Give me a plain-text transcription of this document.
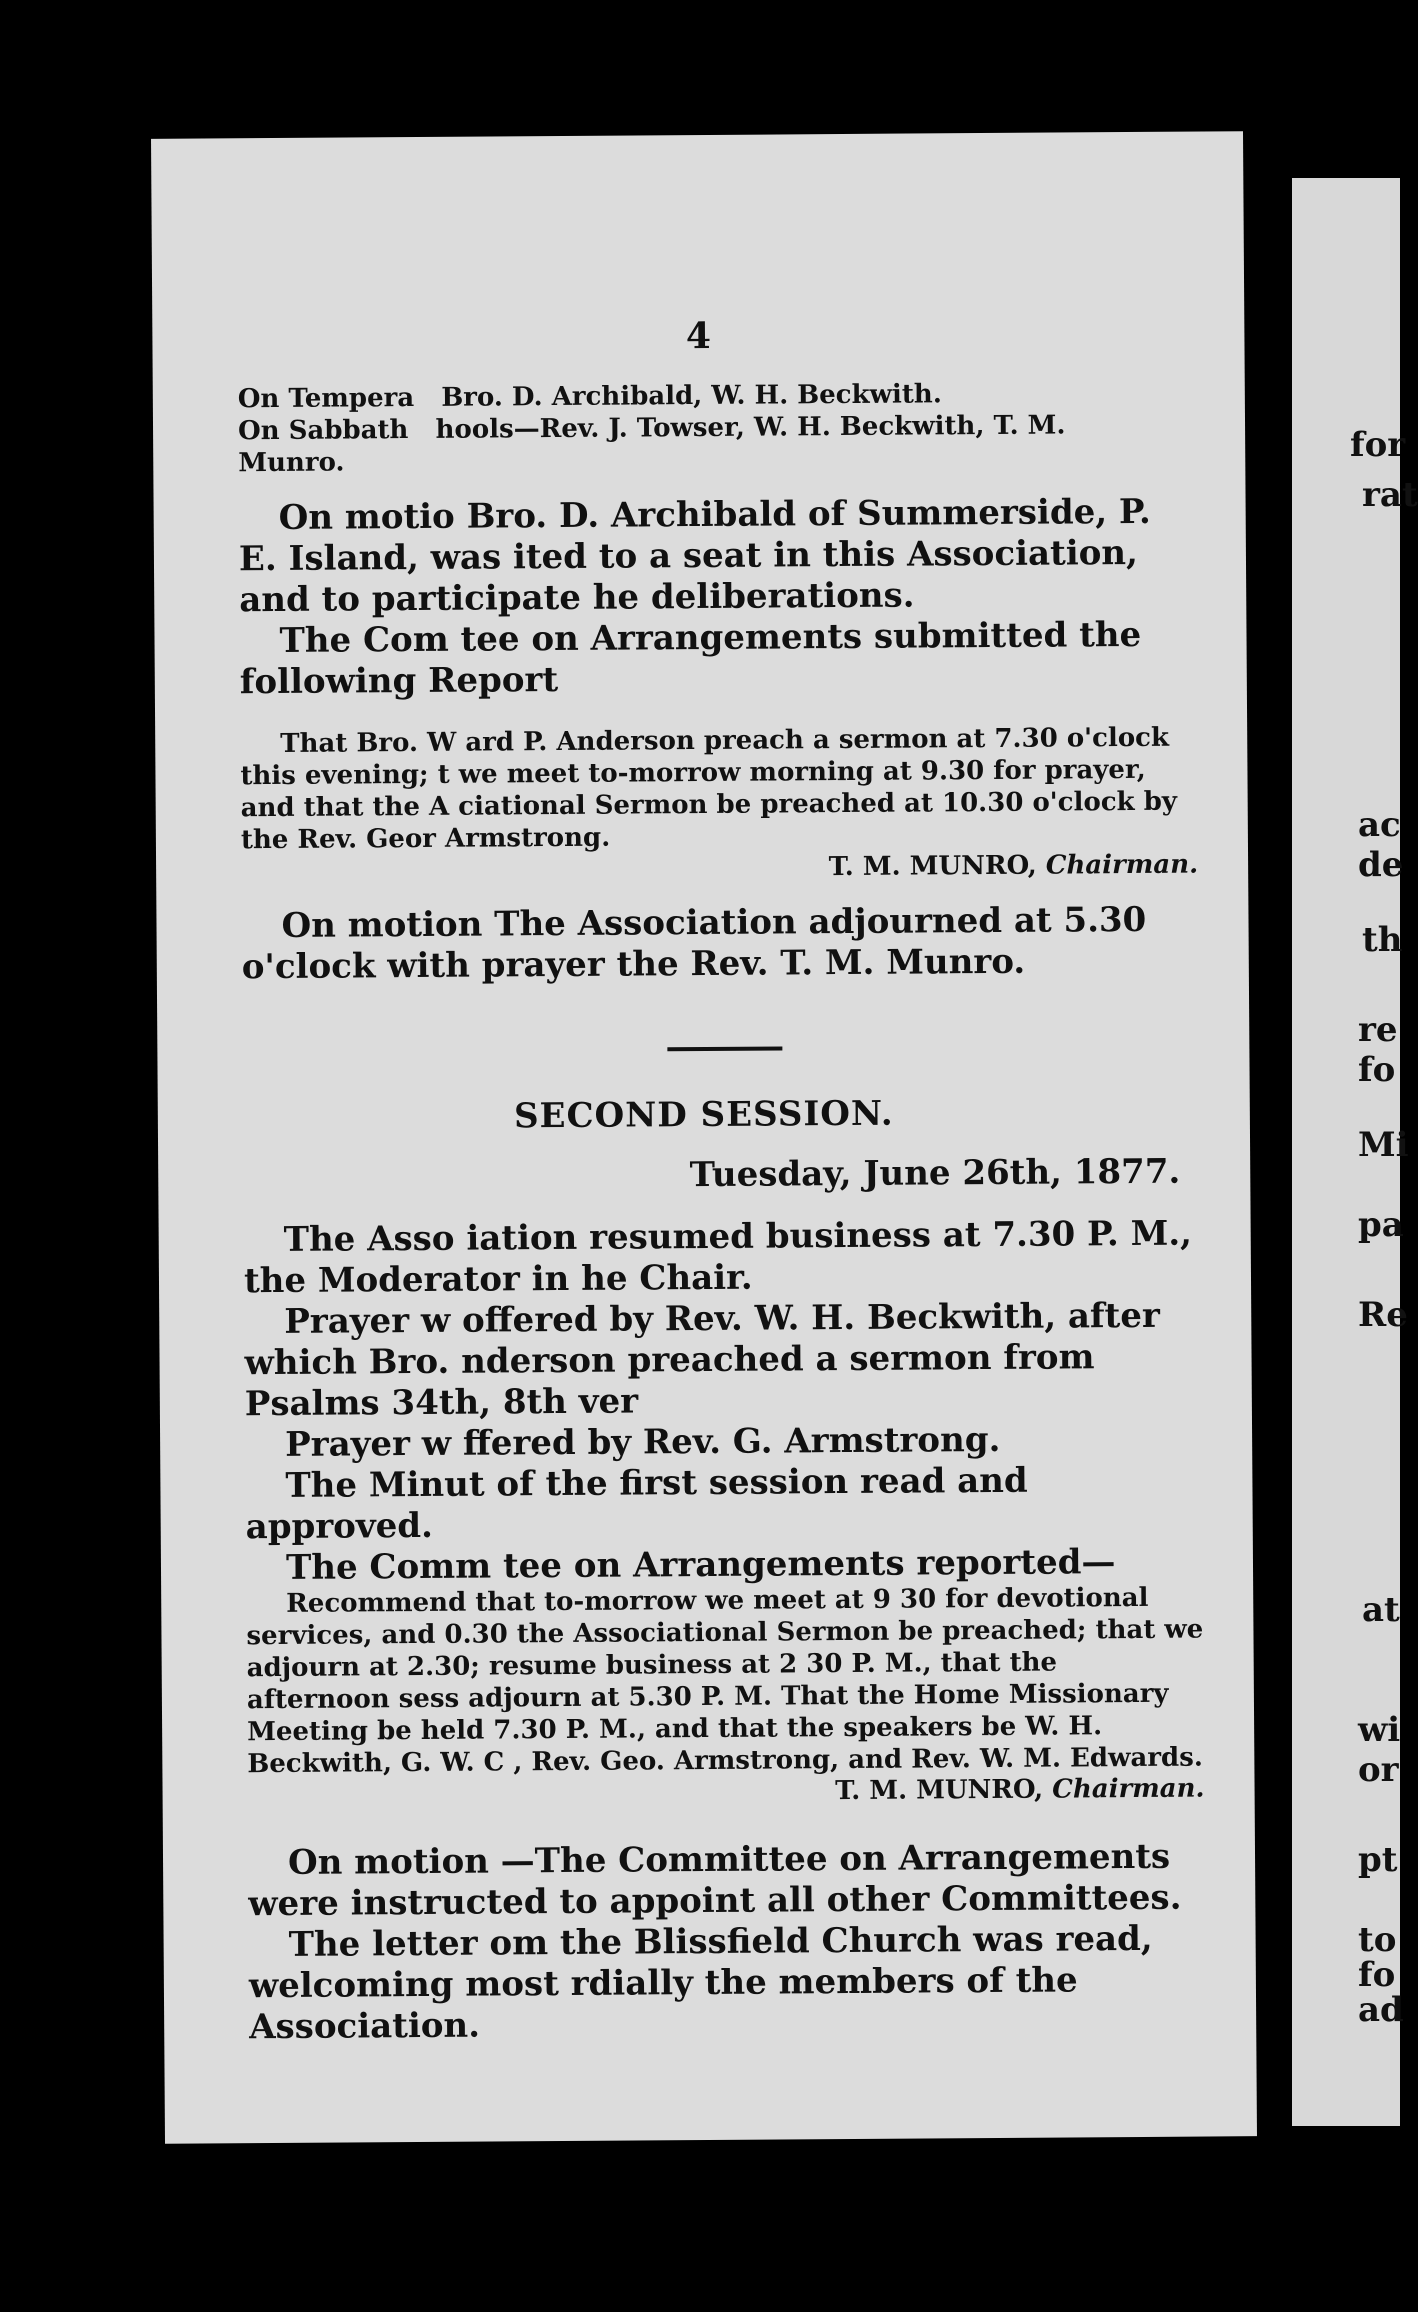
4

On Tempera   Bro. D. Archibald, W. H. Beckwith.

On Sabbath   hools—Rev. J. Towser, W. H. Beckwith, T. M.

Munro.

On motio Bro. D. Archibald of Summerside, P. E. Island, was ited to a seat in this Association, and to participate he deliberations.

The Com tee on Arrangements submitted the following Report

That Bro. W ard P. Anderson preach a sermon at 7.30 o'clock this evening; t we meet to-morrow morning at 9.30 for prayer, and that the A ciational Sermon be preached at 10.30 o'clock by the Rev. Geor Armstrong.

T. M. MUNRO, Chairman.

On motion The Association adjourned at 5.30 o'clock with prayer the Rev. T. M. Munro.

SECOND SESSION.
Tuesday, June 26th, 1877.

The Asso iation resumed business at 7.30 P. M., the Moderator in he Chair.

Prayer w offered by Rev. W. H. Beckwith, after which Bro. nderson preached a sermon from Psalms 34th, 8th ver

Prayer w ffered by Rev. G. Armstrong.

The Minut of the first session read and approved.

The Comm tee on Arrangements reported—

Recommend that to-morrow we meet at 9 30 for devotional services, and 0.30 the Associational Sermon be preached; that we adjourn at 2.30; resume business at 2 30 P. M., that the afternoon sess adjourn at 5.30 P. M. That the Home Missionary Meeting be held 7.30 P. M., and that the speakers be W. H. Beckwith, G. W. C , Rev. Geo. Armstrong, and Rev. W. M. Edwards.

T. M. MUNRO, Chairman.

On motion —The Committee on Arrangements were instructed to appoint all other Committees.

The letter om the Blissfield Church was read, welcoming most rdially the members of the Association.

for
rat
ac
de
th
re
fo
Mi
pa
Re
at
wi
or
pt
to
fo
ad
